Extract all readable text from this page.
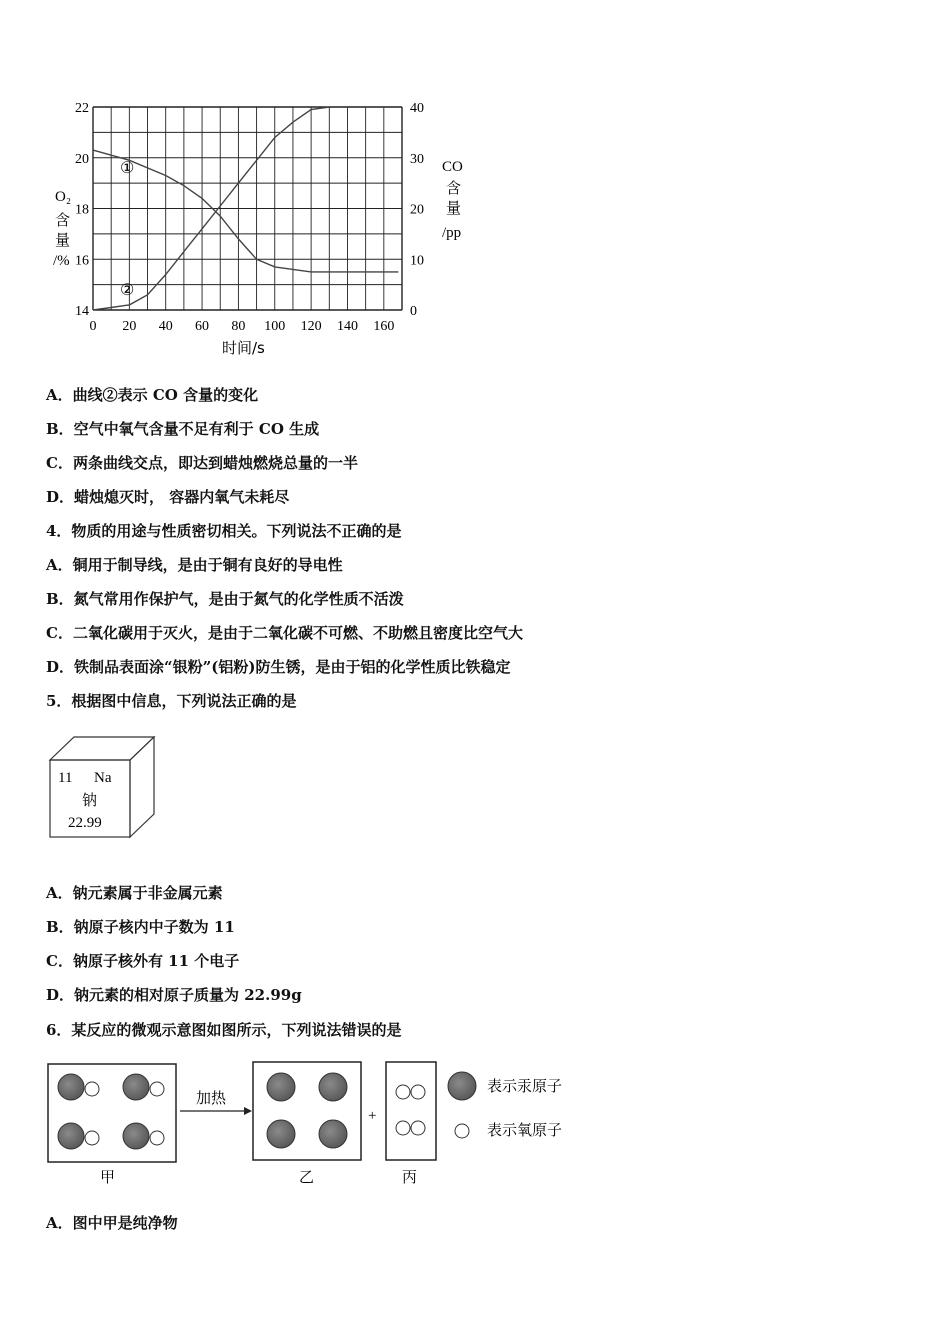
0 20 40 60 80 100 120 140 160
14
16
18
20
22
0
10
20
30
40
O₂
含
量
/%
CO
含
量
/pp
时间/s
①
②
A．曲线②表示 CO 含量的变化
B．空气中氧气含量不足有利于 CO 生成
C．两条曲线交点，即达到蜡烛燃烧总量的一半
D．蜡烛熄灭时， 容器内氧气未耗尽
4．物质的用途与性质密切相关。下列说法不正确的是
A．铜用于制导线，是由于铜有良好的导电性
B．氮气常用作保护气，是由于氮气的化学性质不活泼
C．二氧化碳用于灭火，是由于二氧化碳不可燃、不助燃且密度比空气大
D．铁制品表面涂“银粉”(铝粉)防生锈，是由于铝的化学性质比铁稳定
5．根据图中信息，下列说法正确的是
11 Na
钠
22.99
A．钠元素属于非金属元素
B．钠原子核内中子数为 11
C．钠原子核外有 11 个电子
D．钠元素的相对原子质量为 22.99g
6．某反应的微观示意图如图所示，下列说法错误的是
加热
+
表示汞原子
表示氧原子
甲	乙	丙
A．图中甲是纯净物
